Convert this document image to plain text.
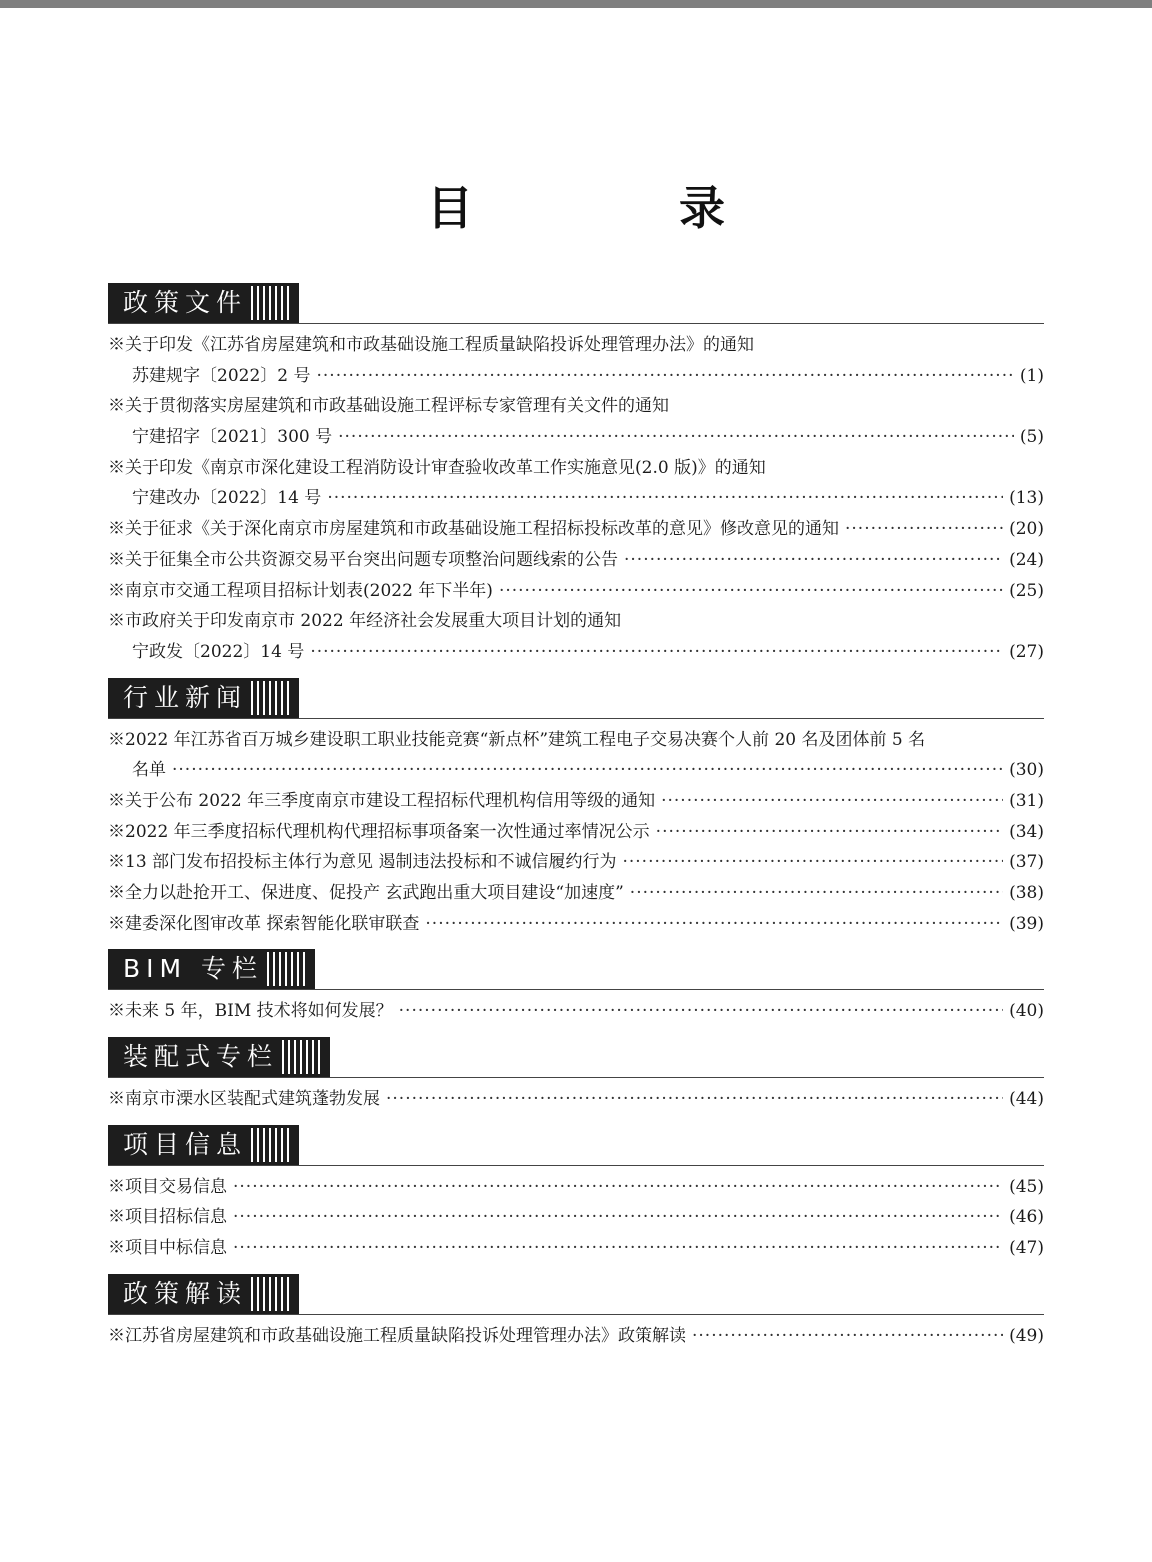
目　录
政策文件
※关于印发《江苏省房屋建筑和市政基础设施工程质量缺陷投诉处理管理办法》的通知
苏建规字〔2022〕2 号 ·····	(1)
※关于贯彻落实房屋建筑和市政基础设施工程评标专家管理有关文件的通知
宁建招字〔2021〕300 号 ·····	(5)
※关于印发《南京市深化建设工程消防设计审查验收改革工作实施意见(2.0 版)》的通知
宁建改办〔2022〕14 号 ·····	(13)
※关于征求《关于深化南京市房屋建筑和市政基础设施工程招标投标改革的意见》修改意见的通知 ·····	(20)
※关于征集全市公共资源交易平台突出问题专项整治问题线索的公告 ·····	(24)
※南京市交通工程项目招标计划表(2022 年下半年) ·····	(25)
※市政府关于印发南京市 2022 年经济社会发展重大项目计划的通知
宁政发〔2022〕14 号 ·····	(27)
行业新闻
※2022 年江苏省百万城乡建设职工职业技能竞赛“新点杯”建筑工程电子交易决赛个人前 20 名及团体前 5 名
名单 ·····	(30)
※关于公布 2022 年三季度南京市建设工程招标代理机构信用等级的通知 ·····	(31)
※2022 年三季度招标代理机构代理招标事项备案一次性通过率情况公示 ·····	(34)
※13 部门发布招投标主体行为意见 遏制违法投标和不诚信履约行为 ·····	(37)
※全力以赴抢开工、保进度、促投产 玄武跑出重大项目建设“加速度” ·····	(38)
※建委深化图审改革 探索智能化联审联查 ·····	(39)
BIM 专栏
※未来 5 年，BIM 技术将如何发展？ ·····	(40)
装配式专栏
※南京市溧水区装配式建筑蓬勃发展 ·····	(44)
项目信息
※项目交易信息 ·····	(45)
※项目招标信息 ·····	(46)
※项目中标信息 ·····	(47)
政策解读
※江苏省房屋建筑和市政基础设施工程质量缺陷投诉处理管理办法》政策解读 ·····	(49)
